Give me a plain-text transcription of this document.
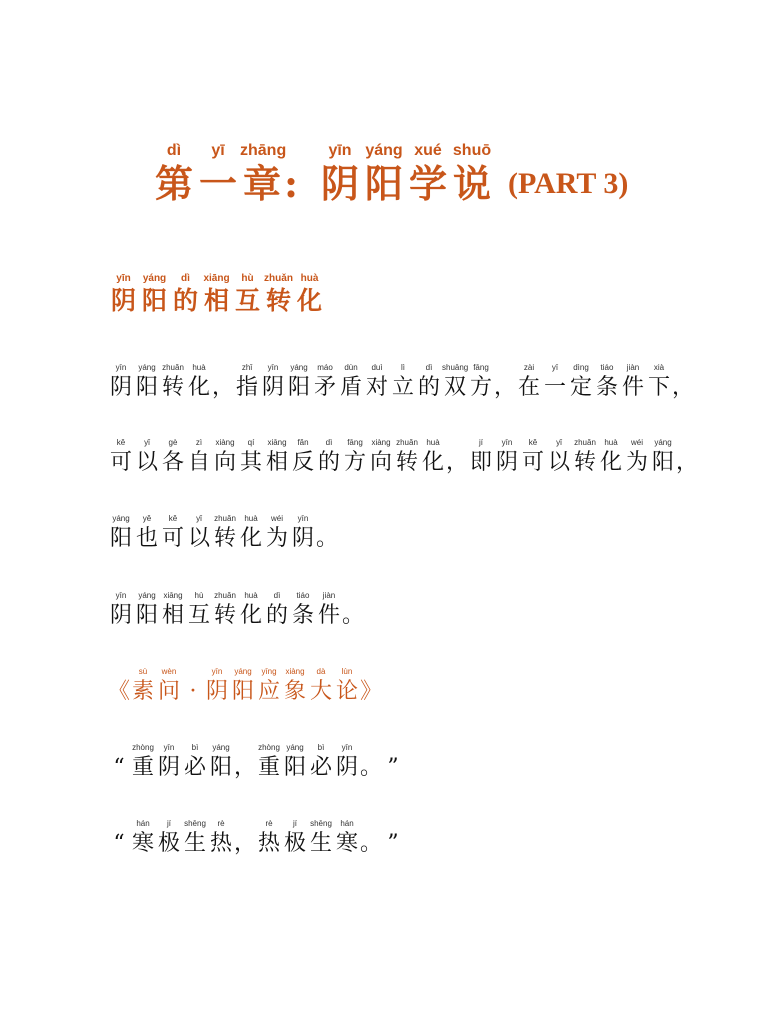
dì
第
yī
一
zhāng
章 :
yīn
阴
yáng
阳
xué
学
shuō
说 (PART 3)
yīn
阴
yáng
阳
dì
的
xiāng
相
hù
互
zhuǎn
转
huà
化
yīn
阴
yáng
阳
zhuǎn
转
huà
化 ，
zhǐ
指
yīn
阴
yáng
阳
máo
矛
dùn
盾
duì
对
lì
立
dì
的
shuāng
双
fāng
方 ，
zài
在
yī
一
dìng
定
tiáo
条
jiàn
件
xià
下 ，
kě
可
yǐ
以
gè
各
zì
自
xiàng
向
qí
其
xiāng
相
fǎn
反
dì
的
fāng
方
xiàng
向
zhuǎn
转
huà
化 ，
jí
即
yīn
阴
kě
可
yǐ
以
zhuǎn
转
huà
化
wéi
为
yáng
阳 ，
yáng
阳
yě
也
kě
可
yǐ
以
zhuǎn
转
huà
化
wéi
为
yīn
阴 。
yīn
阴
yáng
阳
xiāng
相
hù
互
zhuǎn
转
huà
化
dì
的
tiáo
条
jiàn
件 。
《
sù
素
wèn
问 ·
yīn
阴
yáng
阳
yīng
应
xiàng
象
dà
大
lùn
论 》
“
zhòng
重
yīn
阴
bì
必
yáng
阳 ，
zhòng
重
yáng
阳
bì
必
yīn
阴 。 ”
“
hán
寒
jí
极
shēng
生
rè
热 ，
rè
热
jí
极
shēng
生
hán
寒 。 ”
